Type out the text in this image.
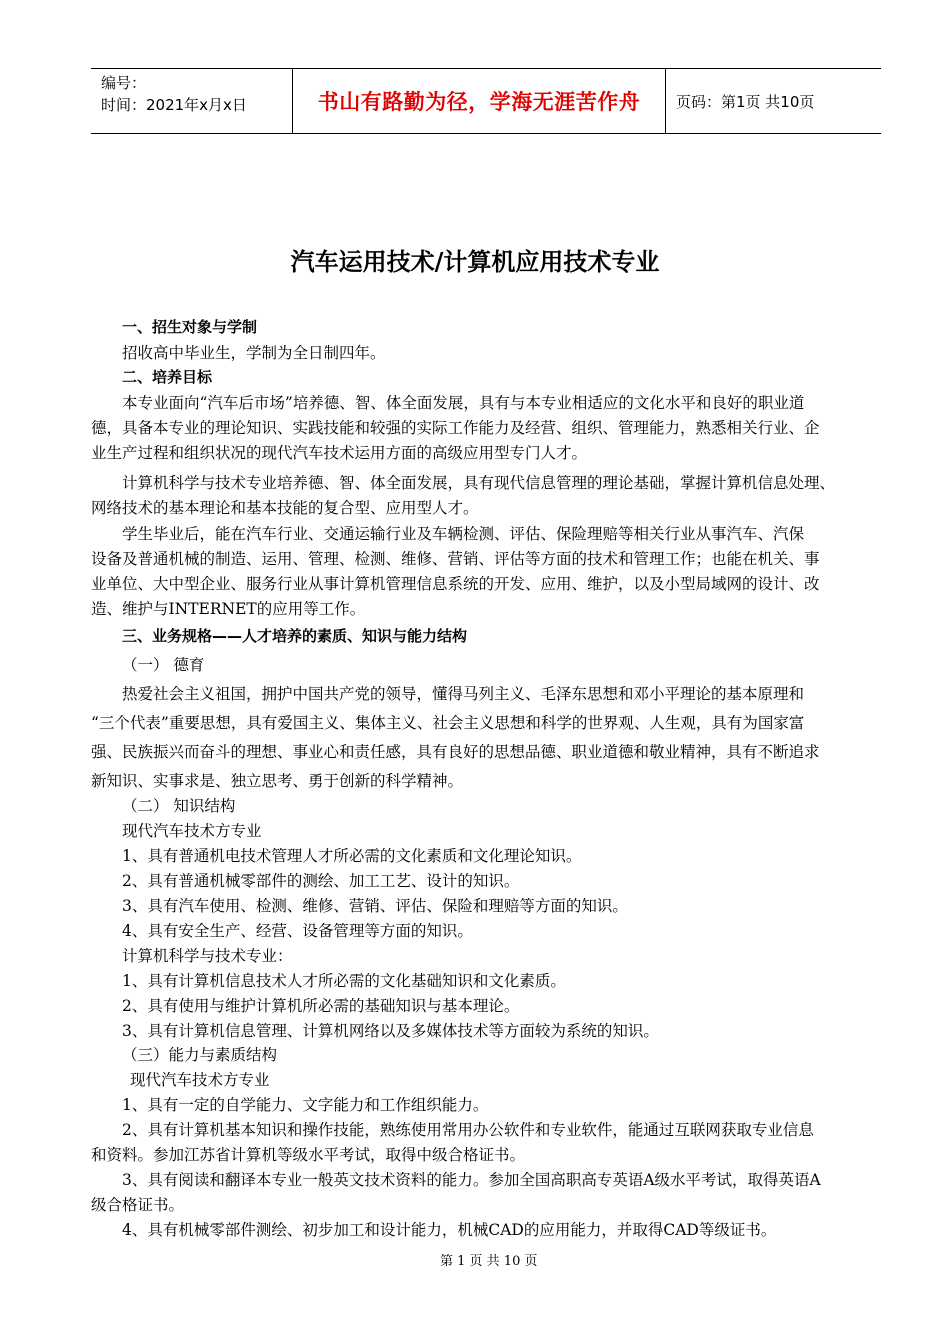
编号：
时间：2021年x月x日	书山有路勤为径，学海无涯苦作舟	页码：第1页 共10页
汽车运用技术/计算机应用技术专业
一、招生对象与学制
招收高中毕业生，学制为全日制四年。
二、培养目标
本专业面向“汽车后市场”培养德、智、体全面发展，具有与本专业相适应的文化水平和良好的职业道
德，具备本专业的理论知识、实践技能和较强的实际工作能力及经营、组织、管理能力，熟悉相关行业、企
业生产过程和组织状况的现代汽车技术运用方面的高级应用型专门人才。
计算机科学与技术专业培养德、智、体全面发展，具有现代信息管理的理论基础，掌握计算机信息处理、
网络技术的基本理论和基本技能的复合型、应用型人才。
学生毕业后，能在汽车行业、交通运输行业及车辆检测、评估、保险理赔等相关行业从事汽车、汽保
设备及普通机械的制造、运用、管理、检测、维修、营销、评估等方面的技术和管理工作；也能在机关、事
业单位、大中型企业、服务行业从事计算机管理信息系统的开发、应用、维护，以及小型局域网的设计、改
造、维护与INTERNET的应用等工作。
三、业务规格——人才培养的素质、知识与能力结构
（一） 德育
热爱社会主义祖国，拥护中国共产党的领导，懂得马列主义、毛泽东思想和邓小平理论的基本原理和
“三个代表”重要思想，具有爱国主义、集体主义、社会主义思想和科学的世界观、人生观，具有为国家富
强、民族振兴而奋斗的理想、事业心和责任感，具有良好的思想品德、职业道德和敬业精神，具有不断追求
新知识、实事求是、独立思考、勇于创新的科学精神。
（二） 知识结构
现代汽车技术方专业
1、具有普通机电技术管理人才所必需的文化素质和文化理论知识。
2、具有普通机械零部件的测绘、加工工艺、设计的知识。
3、具有汽车使用、检测、维修、营销、评估、保险和理赔等方面的知识。
4、具有安全生产、经营、设备管理等方面的知识。
计算机科学与技术专业：
1、具有计算机信息技术人才所必需的文化基础知识和文化素质。
2、具有使用与维护计算机所必需的基础知识与基本理论。
3、具有计算机信息管理、计算机网络以及多媒体技术等方面较为系统的知识。
（三）能力与素质结构
现代汽车技术方专业
1、具有一定的自学能力、文字能力和工作组织能力。
2、具有计算机基本知识和操作技能，熟练使用常用办公软件和专业软件，能通过互联网获取专业信息
和资料。参加江苏省计算机等级水平考试，取得中级合格证书。
3、具有阅读和翻译本专业一般英文技术资料的能力。参加全国高职高专英语A级水平考试，取得英语A
级合格证书。
4、具有机械零部件测绘、初步加工和设计能力，机械CAD的应用能力，并取得CAD等级证书。
第 1 页 共 10 页
